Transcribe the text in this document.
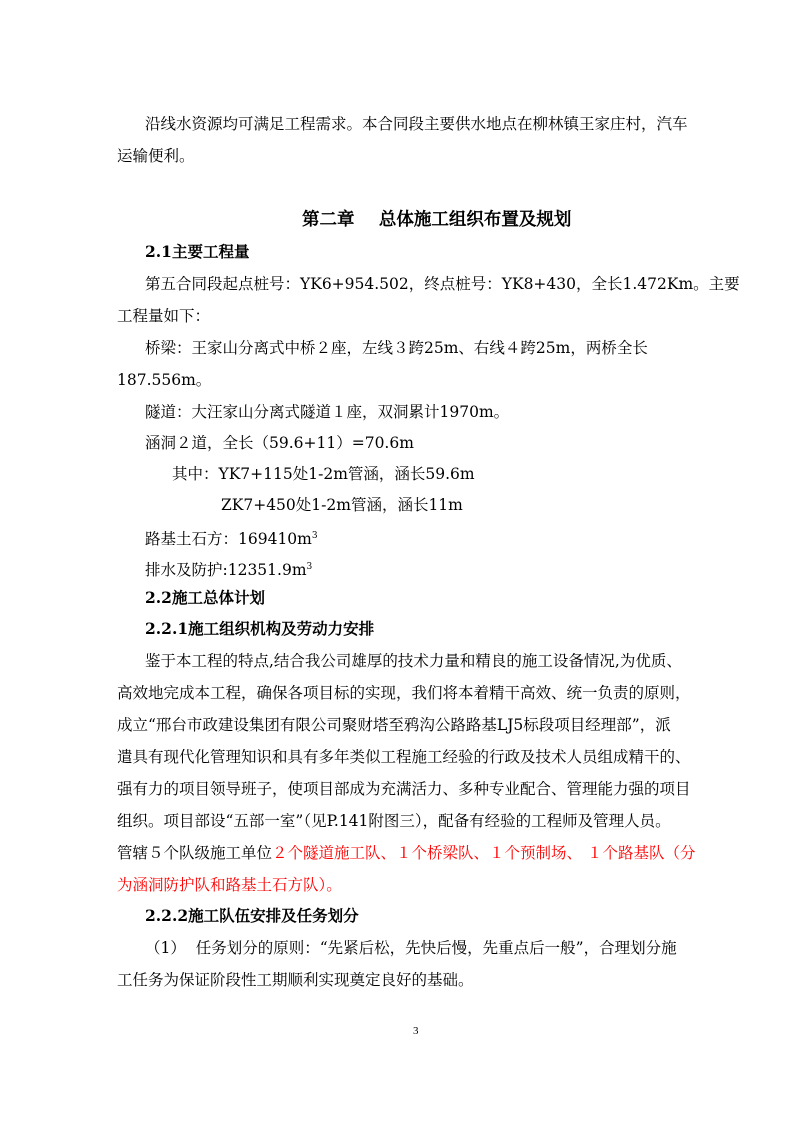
沿线水资源均可满足工程需求。本合同段主要供水地点在柳林镇王家庄村，汽车
运输便利。
第二章    总体施工组织布置及规划
2.1主要工程量
第五合同段起点桩号：YK6+954.502，终点桩号：YK8+430，全长1.472Km。主要
工程量如下：
桥梁：王家山分离式中桥２座，左线３跨25m、右线４跨25m，两桥全长
187.556m。
隧道：大汪家山分离式隧道１座，双洞累计1970m。
涵洞２道，全长（59.6+11）=70.6m
其中：YK7+115处1-2m管涵，涵长59.6m
ZK7+450处1-2m管涵，涵长11m
路基土石方：$169410m^3$
排水及防护$:12351.9m^3$
2.2施工总体计划
2.2.1施工组织机构及劳动力安排
鉴于本工程的特点,结合我公司雄厚的技术力量和精良的施工设备情况,为优质、
高效地完成本工程，确保各项目标的实现，我们将本着精干高效、统一负责的原则，
成立“邢台市政建设集团有限公司聚财塔至鸦沟公路路基LJ5标段项目经理部”，派
遣具有现代化管理知识和具有多年类似工程施工经验的行政及技术人员组成精干的、
强有力的项目领导班子，使项目部成为充满活力、多种专业配合、管理能力强的项目
组织。项目部设“五部一室”（见P.141附图三），配备有经验的工程师及管理人员。
管辖５个队级施工单位２个隧道施工队、１个桥梁队、１个预制场、 １个路基队（分
为涵洞防护队和路基土石方队）。
2.2.2施工队伍安排及任务划分
（1）  任务划分的原则：“先紧后松，先快后慢，先重点后一般”，合理划分施
工任务为保证阶段性工期顺利实现奠定良好的基础。
3
